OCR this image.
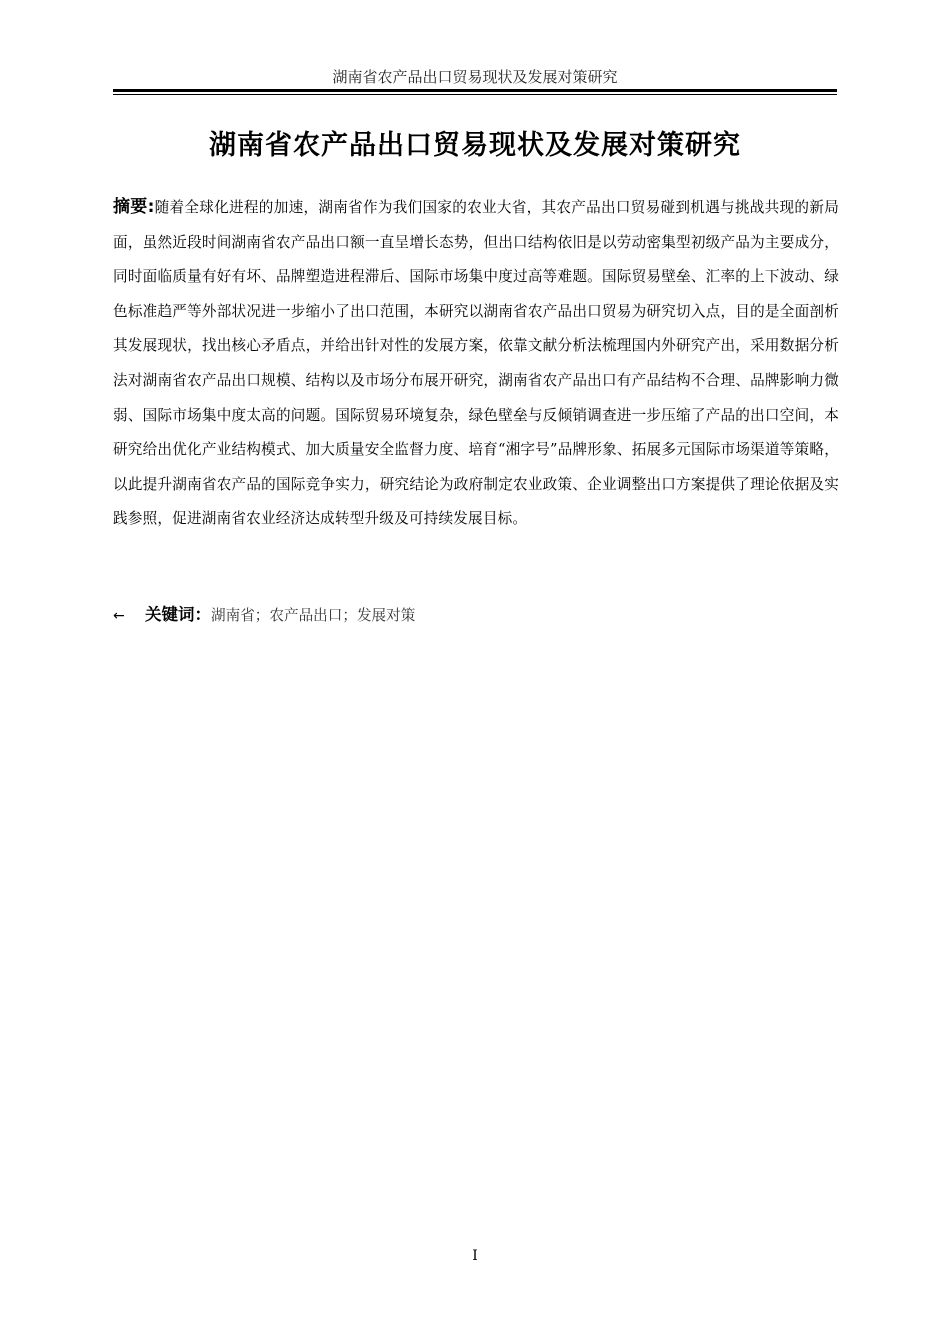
湖南省农产品出口贸易现状及发展对策研究
湖南省农产品出口贸易现状及发展对策研究

摘要:随着全球化进程的加速，湖南省作为我们国家的农业大省，其农产品出口贸易碰到机遇与挑战共现的新局面，虽然近段时间湖南省农产品出口额一直呈增长态势，但出口结构依旧是以劳动密集型初级产品为主要成分，同时面临质量有好有坏、品牌塑造进程滞后、国际市场集中度过高等难题。国际贸易壁垒、汇率的上下波动、绿色标准趋严等外部状况进一步缩小了出口范围，本研究以湖南省农产品出口贸易为研究切入点，目的是全面剖析其发展现状，找出核心矛盾点，并给出针对性的发展方案，依靠文献分析法梳理国内外研究产出，采用数据分析法对湖南省农产品出口规模、结构以及市场分布展开研究，湖南省农产品出口有产品结构不合理、品牌影响力微弱、国际市场集中度太高的问题。国际贸易环境复杂，绿色壁垒与反倾销调查进一步压缩了产品的出口空间，本研究给出优化产业结构模式、加大质量安全监督力度、培育“湘字号”品牌形象、拓展多元国际市场渠道等策略，以此提升湖南省农产品的国际竞争实力，研究结论为政府制定农业政策、企业调整出口方案提供了理论依据及实践参照，促进湖南省农业经济达成转型升级及可持续发展目标。

← 关键词：湖南省；农产品出口；发展对策
I
